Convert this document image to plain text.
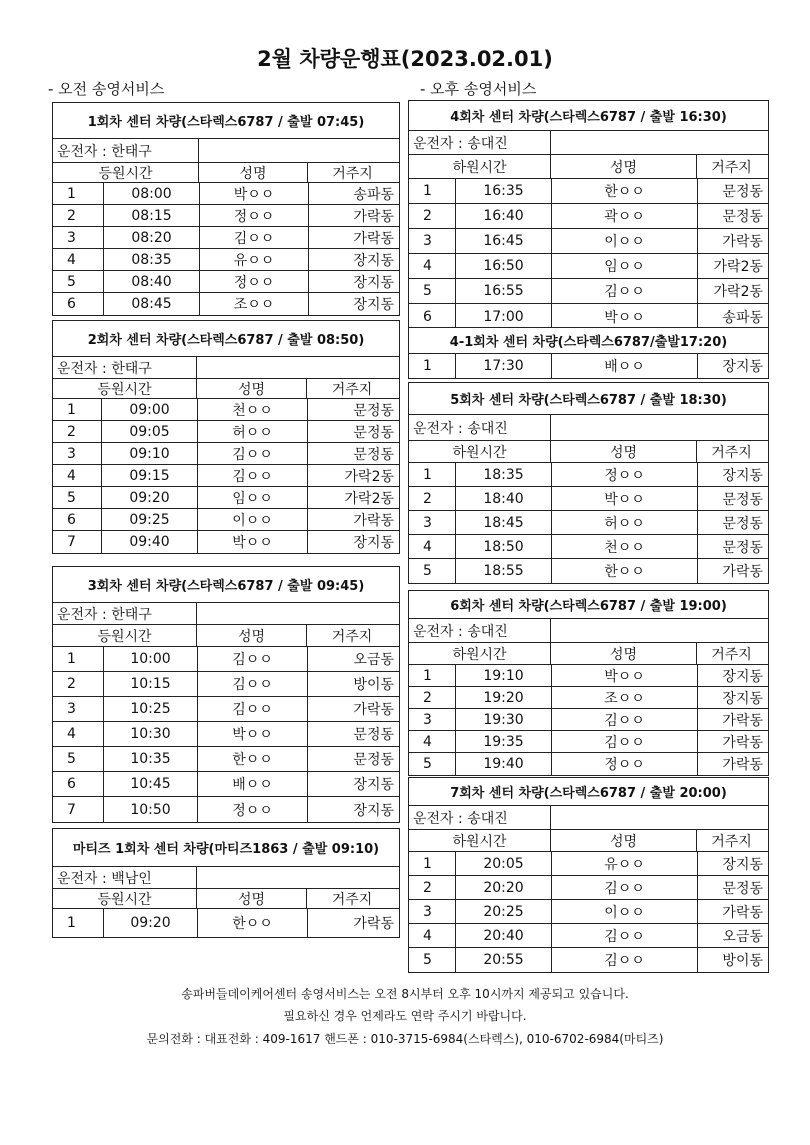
2월 차량운행표(2023.02.01)
- 오전 송영서비스	- 오후 송영서비스
1회차 센터 차량(스타렉스6787 / 출발 07:45)
운전자 : 한태구
등원시간	성명	거주지
1	08:00	박ㅇㅇ	송파동
2	08:15	정ㅇㅇ	가락동
3	08:20	김ㅇㅇ	가락동
4	08:35	유ㅇㅇ	장지동
5	08:40	정ㅇㅇ	장지동
6	08:45	조ㅇㅇ	장지동
2회차 센터 차량(스타렉스6787 / 출발 08:50)
운전자 : 한태구
등원시간	성명	거주지
1	09:00	천ㅇㅇ	문정동
2	09:05	허ㅇㅇ	문정동
3	09:10	김ㅇㅇ	문정동
4	09:15	김ㅇㅇ	가락2동
5	09:20	임ㅇㅇ	가락2동
6	09:25	이ㅇㅇ	가락동
7	09:40	박ㅇㅇ	장지동
3회차 센터 차량(스타렉스6787 / 출발 09:45)
운전자 : 한태구
등원시간	성명	거주지
1	10:00	김ㅇㅇ	오금동
2	10:15	김ㅇㅇ	방이동
3	10:25	김ㅇㅇ	가락동
4	10:30	박ㅇㅇ	문정동
5	10:35	한ㅇㅇ	문정동
6	10:45	배ㅇㅇ	장지동
7	10:50	정ㅇㅇ	장지동
마티즈 1회차 센터 차량(마티즈1863 / 출발 09:10)
운전자 : 백남인
등원시간	성명	거주지
1	09:20	한ㅇㅇ	가락동
4회차 센터 차량(스타렉스6787 / 출발 16:30)
운전자 : 송대진
하원시간	성명	거주지
1	16:35	한ㅇㅇ	문정동
2	16:40	곽ㅇㅇ	문정동
3	16:45	이ㅇㅇ	가락동
4	16:50	임ㅇㅇ	가락2동
5	16:55	김ㅇㅇ	가락2동
6	17:00	박ㅇㅇ	송파동
4-1회차 센터 차량(스타렉스6787/출발17:20)
1	17:30	배ㅇㅇ	장지동
5회차 센터 차량(스타렉스6787 / 출발 18:30)
운전자 : 송대진
하원시간	성명	거주지
1	18:35	정ㅇㅇ	장지동
2	18:40	박ㅇㅇ	문정동
3	18:45	허ㅇㅇ	문정동
4	18:50	천ㅇㅇ	문정동
5	18:55	한ㅇㅇ	가락동
6회차 센터 차량(스타렉스6787 / 출발 19:00)
운전자 : 송대진
하원시간	성명	거주지
1	19:10	박ㅇㅇ	장지동
2	19:20	조ㅇㅇ	장지동
3	19:30	김ㅇㅇ	가락동
4	19:35	김ㅇㅇ	가락동
5	19:40	정ㅇㅇ	가락동
7회차 센터 차량(스타렉스6787 / 출발 20:00)
운전자 : 송대진
하원시간	성명	거주지
1	20:05	유ㅇㅇ	장지동
2	20:20	김ㅇㅇ	문정동
3	20:25	이ㅇㅇ	가락동
4	20:40	김ㅇㅇ	오금동
5	20:55	김ㅇㅇ	방이동
송파버들데이케어센터 송영서비스는 오전 8시부터 오후 10시까지 제공되고 있습니다.
필요하신 경우 언제라도 연락 주시기 바랍니다.
문의전화 : 대표전화 : 409-1617 핸드폰 : 010-3715-6984(스타렉스), 010-6702-6984(마티즈)
